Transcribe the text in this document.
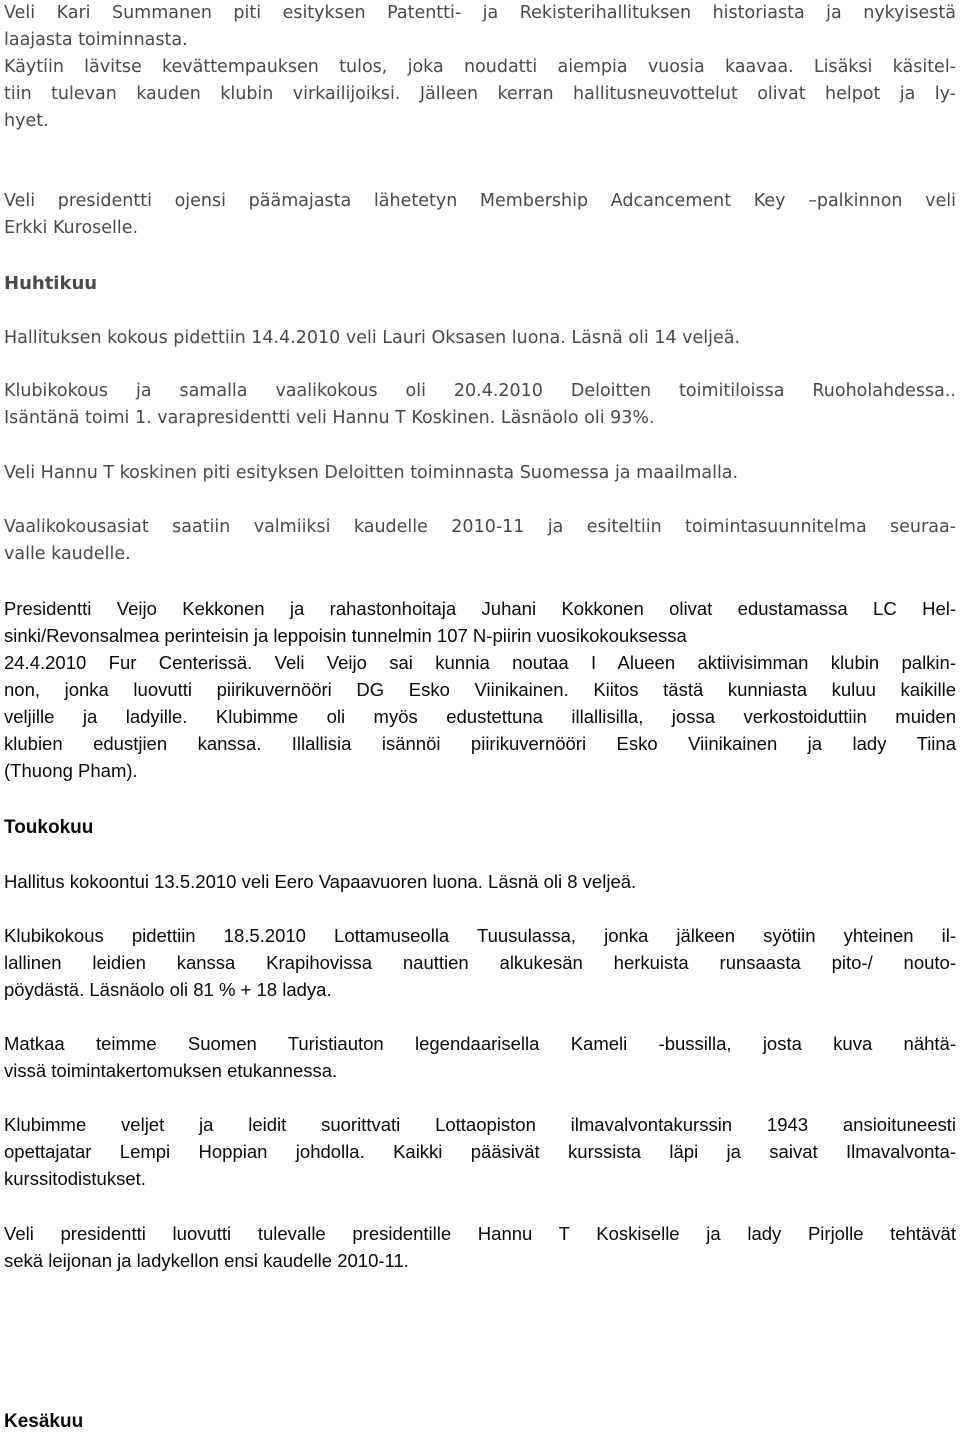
Veli Kari Summanen piti esityksen Patentti- ja Rekisterihallituksen historiasta ja nykyisestä
laajasta toiminnasta.

Käytiin lävitse kevättempauksen tulos, joka noudatti aiempia vuosia kaavaa. Lisäksi käsitel-
tiin tulevan kauden klubin virkailijoiksi. Jälleen kerran hallitusneuvottelut olivat helpot ja ly-
hyet.

Veli presidentti ojensi päämajasta lähetetyn Membership Adcancement Key –palkinnon veli
Erkki Kuroselle.

Huhtikuu

Hallituksen kokous pidettiin 14.4.2010 veli Lauri Oksasen luona. Läsnä oli 14 veljeä.

Klubikokous ja samalla vaalikokous oli 20.4.2010 Deloitten toimitiloissa Ruoholahdessa..
Isäntänä toimi 1. varapresidentti veli Hannu T Koskinen. Läsnäolo oli 93%.

Veli Hannu T koskinen piti esityksen Deloitten toiminnasta Suomessa ja maailmalla.

Vaalikokousasiat saatiin valmiiksi kaudelle 2010-11 ja esiteltiin toimintasuunnitelma seuraa-
valle kaudelle.

Presidentti Veijo Kekkonen ja rahastonhoitaja Juhani Kokkonen olivat edustamassa LC Hel-
sinki/Revonsalmea perinteisin ja leppoisin tunnelmin 107 N-piirin vuosikokouksessa
24.4.2010 Fur Centerissä. Veli Veijo sai kunnia noutaa I Alueen aktiivisimman klubin palkin-
non, jonka luovutti piirikuvernööri DG Esko Viinikainen. Kiitos tästä kunniasta kuluu kaikille
veljille ja ladyille. Klubimme oli myös edustettuna illallisilla, jossa verkostoiduttiin muiden
klubien edustjien kanssa. Illallisia isännöi piirikuvernööri Esko Viinikainen ja lady Tiina
(Thuong Pham).

Toukokuu

Hallitus kokoontui 13.5.2010 veli Eero Vapaavuoren luona. Läsnä oli 8 veljeä.

Klubikokous pidettiin 18.5.2010 Lottamuseolla Tuusulassa, jonka jälkeen syötiin yhteinen il-
lallinen leidien kanssa Krapihovissa nauttien alkukesän herkuista runsaasta pito-/ nouto-
pöydästä. Läsnäolo oli 81 % + 18 ladya.

Matkaa teimme Suomen Turistiauton legendaarisella Kameli -bussilla, josta kuva nähtä-
vissä toimintakertomuksen etukannessa.

Klubimme veljet ja leidit suorittvati Lottaopiston ilmavalvontakurssin 1943 ansioituneesti
opettajatar Lempi Hoppian johdolla. Kaikki pääsivät kurssista läpi ja saivat Ilmavalvonta-
kurssitodistukset.

Veli presidentti luovutti tulevalle presidentille Hannu T Koskiselle ja lady Pirjolle tehtävät
sekä leijonan ja ladykellon ensi kaudelle 2010-11.

Kesäkuu
